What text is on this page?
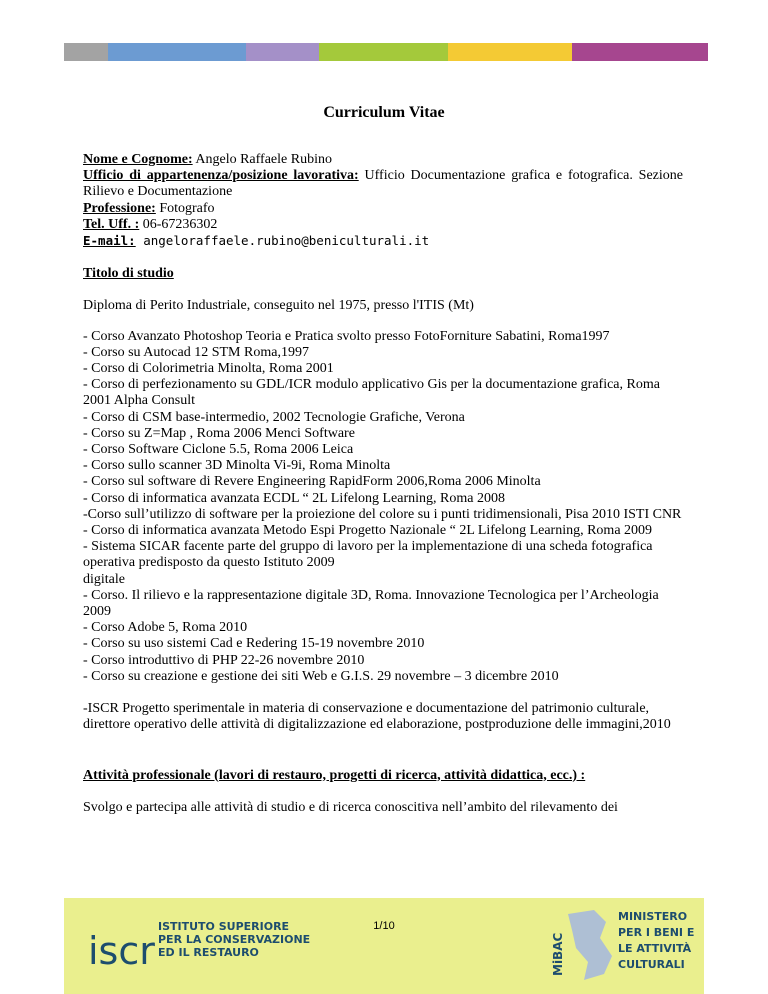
Curriculum Vitae

Nome e Cognome: Angelo Raffaele Rubino

Ufficio di appartenenza/posizione lavorativa: Ufficio Documentazione grafica e fotografica. Sezione Rilievo e Documentazione

Professione: Fotografo

Tel. Uff. : 06-67236302

E-mail: angeloraffaele.rubino@beniculturali.it

Titolo di studio

Diploma di Perito Industriale, conseguito nel 1975, presso l'ITIS (Mt)

- Corso Avanzato Photoshop Teoria e Pratica svolto presso FotoForniture Sabatini, Roma1997

- Corso su Autocad 12 STM Roma,1997

- Corso di Colorimetria Minolta, Roma 2001

- Corso di perfezionamento su GDL/ICR modulo applicativo Gis per la documentazione grafica, Roma 2001 Alpha Consult

- Corso di CSM base-intermedio, 2002 Tecnologie Grafiche, Verona

- Corso su Z=Map , Roma 2006 Menci Software

- Corso Software Ciclone 5.5, Roma 2006 Leica

- Corso sullo scanner 3D Minolta Vi-9i, Roma Minolta

- Corso sul software di Revere Engineering RapidForm 2006,Roma 2006 Minolta

- Corso di informatica avanzata ECDL “ 2L Lifelong Learning, Roma 2008

-Corso sull’utilizzo di software per la proiezione del colore su i punti tridimensionali, Pisa 2010 ISTI CNR

- Corso di informatica avanzata Metodo Espi Progetto Nazionale “ 2L Lifelong Learning, Roma 2009

- Sistema SICAR facente parte del gruppo di lavoro per la implementazione di una scheda fotografica operativa predisposto da questo Istituto 2009

digitale

- Corso. Il rilievo e la rappresentazione digitale 3D, Roma. Innovazione Tecnologica per l’Archeologia 2009

- Corso Adobe 5, Roma 2010

- Corso su uso sistemi Cad e Redering 15-19 novembre 2010

- Corso introduttivo di PHP 22-26 novembre 2010

- Corso su creazione e gestione dei siti Web e G.I.S. 29 novembre – 3 dicembre 2010

-ISCR Progetto sperimentale in materia di conservazione e documentazione del patrimonio culturale, direttore operativo delle attività di digitalizzazione ed elaborazione, postproduzione delle immagini,2010

Attività professionale (lavori di restauro, progetti di ricerca, attività didattica, ecc.) :

Svolgo e partecipa alle attività di studio e di ricerca conoscitiva nell’ambito del rilevamento dei

iscr
ISTITUTO SUPERIORE
PER LA CONSERVAZIONE
ED IL RESTAURO
1/10
MiBAC
MINISTERO
PER I BENI E
LE ATTIVITÀ
CULTURALI
